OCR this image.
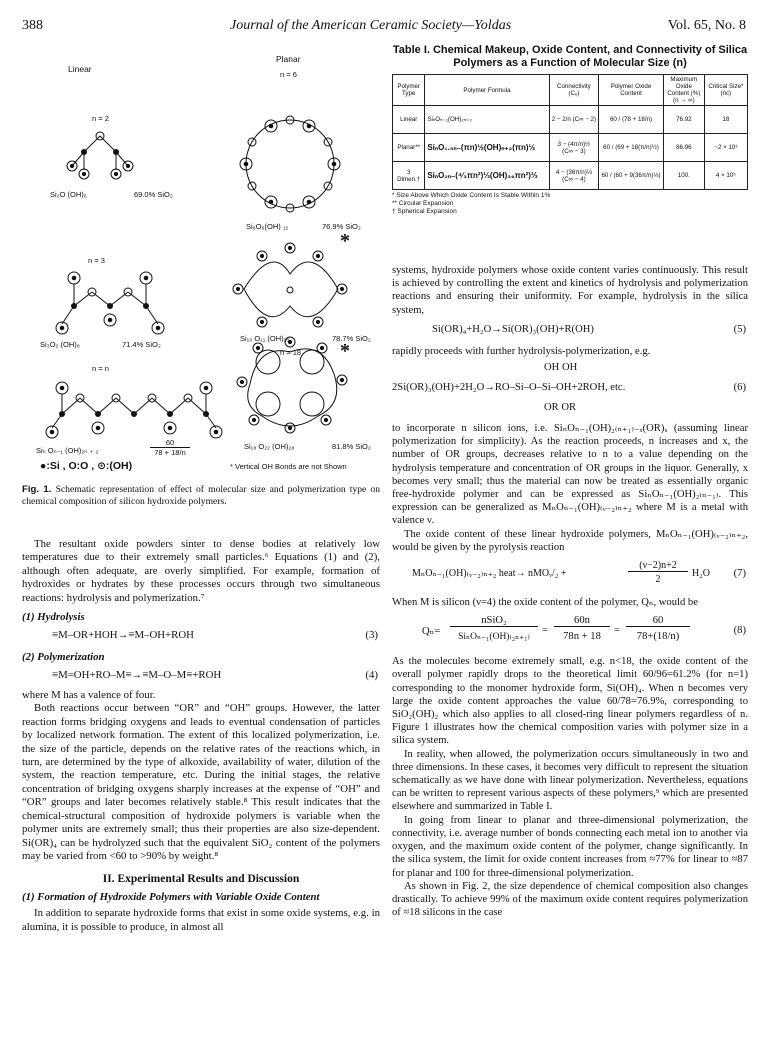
388	Journal of the American Ceramic Society—Yoldas	Vol. 65, No. 8
Linear
Planar
n = 6
n = 2
Si₂O (OH)₆	69.0% SiO₂
Si₆O₆(OH) ₁₂	76.9% SiO₂
n = 3
*
Si₃O₂ (OH)₈	71.4% SiO₂
Si₁₀ O₁₁ (OH)₁₈	78.7% SiO₂
n = 18 *
n = n
Siₙ Oₙ₋₁ (OH)₂ₙ ₊ ₂
60
78 + 18/n
Si₁₈ O₂₂ (OH)₂₈	81.8% SiO₂
●:Si , O:O , ⊙:(OH)	* Vertical OH Bonds are not Shown

Fig. 1. Schematic representation of effect of molecular size and polymerization type on chemical composition of silicon hydroxide polymers.

The resultant oxide powders sinter to dense bodies at relatively low temperatures due to their extremely small particles.⁶ Equations (1) and (2), although often adequate, are overly simplified. For example, formation of hydroxides or hydrates by these processes occurs through two simultaneous reactions: hydrolysis and polymerization.⁷

(1) Hydrolysis
≡M–OR+HOH→≡M–OH+ROH	(3)
(2) Polymerization
≡M=OH+RO–M≡→≡M–O–M≡+ROH	(4)

where M has a valence of four.

Both reactions occur between “OR” and “OH” groups. However, the latter reaction forms bridging oxygens and leads to eventual condensation of particles by localized network formation. The extent of this localized polymerization, i.e. the size of the particle, depends on the relative rates of the reactions which, in turn, are determined by the type of alkoxide, availability of water, dilution of the system, the reaction temperature, etc. During the initial stages, the relative concentration of bridging oxygens sharply increases at the expense of “OH” and “OR” groups and later becomes relatively stable.⁸ This result indicates that the chemical-structural composition of hydroxide polymers is variable when the polymer units are extremely small; thus their properties are also size-dependent. Si(OR)₄ can be hydrolyzed such that the equivalent SiO₂ content of the polymers may be varied from <60 to >90% by weight.⁸

II. Experimental Results and Discussion
(1) Formation of Hydroxide Polymers with Variable Oxide Content

In addition to separate hydroxide forms that exist in some oxide systems, e.g. in alumina, it is possible to produce, in almost all

Table I. Chemical Makeup, Oxide Content, and Connectivity of Silica Polymers as a Function of Molecular Size (n)
Polymer Type	Polymer Formula	Connectivity (Cₒ)	Polymer Oxide Content	Maximum Oxide Content (%) (n → ∞)	Critical Size* (nᴄ)
Linear	SiₙOₙ₋₁(OH)₂ₙ₊₂	2 − 2/n (C∞ − 2)	60 / (78 + 18/n)	76.92	18
Planar**	SiₙO₁.₅ₙ₋(πn)½(OH)ₙ₊₂(πn)½	3 − (4π/n)½ (C∞ − 3)	60 / (69 + 18(π/n)½)	86.96	~2 × 10³
3 Dimen.†	SiₙO₂ₙ₋(⁴⁄₃πn²)⅓(OH)₃₆πn²)⅓	4 − (36π/n)⅓ (C∞ − 4)	60 / (60 + 9(36π/n)⅓)	100.	4 × 10⁵
* Size Above Which Oxide Content Is Stable Within 1%
** Circular Expansion
† Spherical Expansion

systems, hydroxide polymers whose oxide content varies continuously. This result is achieved by controlling the extent and kinetics of hydrolysis and polymerization reactions and ensuring their uniformity. For example, hydrolysis in the silica system,

Si(OR)₄+H₂O→Si(OR)₃(OH)+R(OH)	(5)

rapidly proceeds with further hydrolysis-polymerization, e.g.

OH OH
2Si(OR)₃(OH)+2H₂O→RO–Si–O–Si–OH+2ROH, etc.
OR OR
(6)

to incorporate n silicon ions, i.e. SiₙOₙ₋₁(OH)₂₍ₙ₊₁₎₋ₓ(OR)ₓ (assuming linear polymerization for simplicity). As the reaction proceeds, n increases and x, the number of OR groups, decreases relative to n to a value depending on the hydrolysis temperature and concentration of OR groups in the liquor. Generally, x becomes very small; thus the material can now be treated as essentially organic free-hydroxide polymer and can be expressed as SiₙOₙ₋₁(OH)₂₍ₙ₋₁₎. This expression can be generalized as MₙOₙ₋₁(OH)₍ᵥ₋₂₎ₙ₊₂ where M is a metal with valence ν.

The oxide content of these linear hydroxide polymers, MₙOₙ₋₁(OH)₍ᵥ₋₂₎ₙ₊₂, would be given by the pyrolysis reaction

MₙOₙ₋₁(OH)₍ᵥ₋₂₎ₙ₊₂ heat→ nMOᵥ/₂ +
(ν−2)n+2
2
H₂O (7)

When M is silicon (ν=4) the oxide content of the polymer, Qₙ, would be

Qₙ=
nSiO₂
SiₙOₙ₋₁(OH)₍₂ₙ₊₁₎
=
60n
78n + 18
=
60
78+(18/n)
(8)

As the molecules become extremely small, e.g. n<18, the oxide content of the overall polymer rapidly drops to the theoretical limit 60/96=61.2% (for n=1) corresponding to the monomer hydroxide form, Si(OH)₄. When n becomes very large the oxide content approaches the value 60/78=76.9%, corresponding to SiO₂(OH)₂ which also applies to all closed-ring linear polymers regardless of n. Figure 1 illustrates how the chemical composition varies with polymer size in a silica system.

In reality, when allowed, the polymerization occurs simultaneously in two and three dimensions. In these cases, it becomes very difficult to represent the situation schematically as we have done with linear polymerization. Nevertheless, equations can be written to represent various aspects of these polymers,⁹ which are presented elsewhere and summarized in Table I.

In going from linear to planar and three-dimensional polymerization, the connectivity, i.e. average number of bonds connecting each metal ion to another via oxygen, and the maximum oxide content of the polymer, change significantly. In the silica system, the limit for oxide content increases from ≈77% for linear to ≈87 for planar and 100 for three-dimensional polymerization.

As shown in Fig. 2, the size dependence of chemical composition also changes drastically. To achieve 99% of the maximum oxide content requires polymerization of ≈18 silicons in the case
